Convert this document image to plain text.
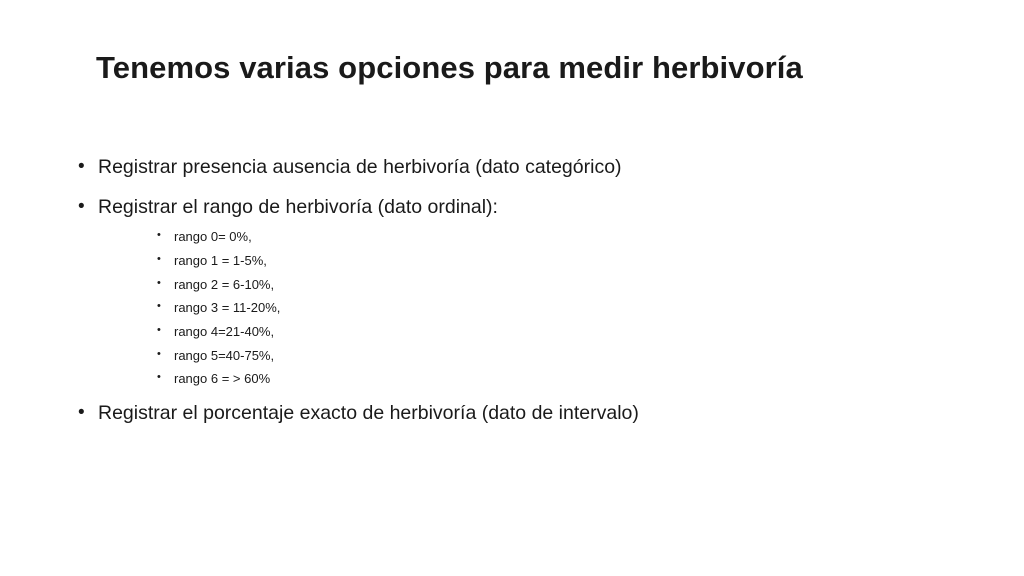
Tenemos varias opciones para medir herbivoría

• Registrar presencia ausencia de herbivoría (dato categórico)

• Registrar el rango de herbivoría (dato ordinal):

• rango 0= 0%,

• rango 1 = 1-5%,

• rango 2 = 6-10%,

• rango 3 = 11-20%,

• rango 4=21-40%,

• rango 5=40-75%,

• rango 6 = > 60%

• Registrar el porcentaje exacto de herbivoría (dato de intervalo)
